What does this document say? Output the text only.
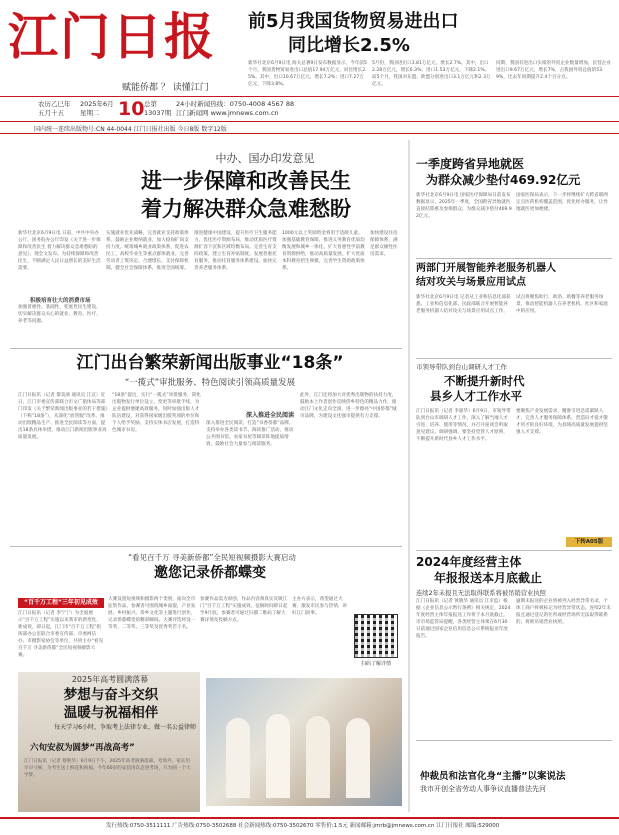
江门日报
赋能侨都 ？ 读懂江门
前5月我国货物贸易进出口
同比增长2.5%
新华社北京6月9日电 海关总署9日发布数据显示，今年前5个月，我国货物贸易进出口总值17.94万亿元，同比增长2.5%。其中，出口10.67万亿元，增长7.2%；进口7.27万亿元，下降3.8%。
5月份，我国进出口3.81万亿元，增长2.7%。其中，出口2.28万亿元，增长6.3%；进口1.53万亿元，下降2.1%。前5个月，我国对东盟、欧盟分别进出口3.1万亿元和2.3万亿元。
同期，我国有进出口实绩的外贸企业数量增加，民营企业进出口9.67万亿元，增长7%，占我国外贸总值的53.9%，比去年同期提升2.4个百分点。
农历乙巳年 五月十五
2025年6月 星期二 10 总第 13037期
24小时新闻热线：0750-4008 4567 88
江门新闻网 www.jmnews.com.cn
国内统一连续出版物号:CN 44-0044 江门日报社出版 今日8版 数字12版
中办、国办印发意见
进一步保障和改善民生
着力解决群众急难愁盼
新华社北京6月9日电 日前，中共中央办公厅、国务院办公厅印发《关于进一步保障和改善民生 着力解决群众急难愁盼的意见》，现全文发布。为持续保障和改善民生，不断满足人民日益增长的美好生活需要。
积极培育壮大的消费市场
加强普惠性、基础性、兜底性民生建设，切实解决群众关心的就业、教育、医疗、养老等问题。
实施就业优先战略，完善就业支持政策体系。鼓励企业吸纳就业，加大稳岗扩岗支持力度。统筹城乡就业政策体系，促进农民工、高校毕业生等重点群体就业。完善劳动者工资决定、合理增长、支付保障机制。健全社会保障体系，推进全国统筹。
推进健康中国建设，提升医疗卫生服务能力。优化医疗资源布局，推动优质医疗资源扩容下沉和区域均衡布局。完善生育支持政策，建立生育补贴制度。发展普惠托育服务，推动托育服务体系建设。加快完善养老服务体系。
1000元以上奖励资金将用于适龄儿童。加强基础教育保障，推进义务教育优质均衡发展和城乡一体化。扩大普惠性学前教育资源供给，推动高质量发展。扩大优质本科教育招生规模，完善学生资助政策体系。
加快建设住房保障体系，满足群众刚性住房需求。
江门出台繁荣新闻出版事业“18条”
“一揽式”审批服务、特色阅读引领高质量发展
江门日报讯（记者 黎美颜 通讯员 江宣）近日，江门市委宣传部联合市文广旅体局等部门印发《关于繁荣新闻出版事业的若干措施》（下称“18条”），从深化“放管服”改革、推动出版精品生产、推进全民阅读等方面，提出18条具体举措，推动江门新闻出版事业高质量发展。
“18条”提出，实行“一揽式”审批服务，简化出版物发行单位设立、变更等审批手续，为企业提供便捷高效服务。同时加强出版人才队伍建设，对获得国家级出版奖项的单位和个人给予奖励。支持实体书店发展，打造特色城市书房。
深入推进全民阅读
深入推进全民阅读，打造“书香侨都”品牌。支持举办各类读书节、阅读推广活动，推动公共图书馆、农家书屋等阅读阵地提质增效，鼓励社会力量参与阅读服务。
此外，江门还将加大对优秀出版物的扶持力度，鼓励本土作者创作反映侨乡特色的精品力作，推动江门文化走向全国，进一步擦亮“中国侨都”城市品牌，为建设文化强市提供有力支撑。
“看见百千万 寻美新侨都”全民短视频摄影大赛启动
邀您记录侨都蝶变
“百千万工程”三年初见成效
江门日报讯（记者 李宁宁）为全面展示“百千万工程”实施以来我市的新变化、新成效，即日起，江门市“百千万工程”指挥部办公室联合市委宣传部、市委网信办、市摄影家协会等单位，共同主办“看见百千万 寻美新侨都”全民短视频摄影大赛。
大赛设置短视频和摄影两个类别，面向全市征集作品。参赛者可围绕城乡面貌、产业发展、乡村振兴、侨乡文化等主题进行创作，记录侨都蝶变的精彩瞬间。大赛评选将设一等奖、二等奖、三等奖及优秀奖若干名。
参赛作品需为原创，作品内容须真实反映江门“百千万工程”实施成效。征稿时间即日起至9月底，参赛者可通过扫描二维码了解大赛详情及投稿方式。
主办方表示，希望通过大赛，激发市民参与热情，讲好江门故事。
扫码了解详情
2025年高考圆满落幕
梦想与奋斗交织
温暖与祝福相伴
每天学习6小时，争取考上法律专业，做一名公益律师
六旬安叔为圆梦“再战高考”
江门日报讯（记者 蔡艳华）6月9日下午，2025年高考圆满落幕。考场外，家长们早早守候，为考生送上鲜花和祝福。今年60岁的安叔再次走进考场，只为圆一个大学梦。
一季度跨省异地就医
为群众减少垫付469.92亿元
新华社北京6月9日电 国家医疗保障局日前发布数据显示，2025年一季度，全国跨省异地就医直接结算惠及参保群众，为群众减少垫付469.92亿元。
国家医保局表示，下一步将继续扩大跨省联网定点医药机构覆盖范围，优化经办服务，让异地就医更加便捷。
两部门开展智能养老服务机器人
结对攻关与场景应用试点
新华社北京6月9日电 记者从工业和信息化部获悉，工业和信息化部、民政部联合开展智能养老服务机器人结对攻关与场景应用试点工作。
试点将聚焦助行、助浴、助餐等养老服务场景，推动智能机器人在养老机构、社区和家庭中的应用。
市领导带队到台山调研人才工作
不断提升新时代
县乡人才工作水平
江门日报讯（记者 李嘉华）6月9日，市领导带队到台山市调研人才工作，深入了解当地人才引进、培养、使用等情况，并召开座谈会听取意见建议。调研强调，要坚持党管人才原则，不断提升新时代县乡人才工作水平。
要聚焦产业发展需求，精准引进急需紧缺人才，完善人才服务保障体系，营造识才爱才敬才用才的良好环境，为县域高质量发展提供坚强人才支撑。
下转A05版
2024年度经营主体
年报报送本月底截止
连续2年未报且无法取得联系将被吊销营业执照
江门日报讯（记者 黄晓华 通讯员 江市监）根据《企业信息公示暂行条例》相关规定，2024年度经营主体年报报送工作将于本月底截止。市市场监管局提醒，各类经营主体须在6月30日前通过国家企业信用信息公示系统报送年度报告。
逾期未报送的企业将被列入经营异常名录，个体工商户将被标记为经营异常状态。连续2年未报且通过登记的住所或经营场所无法取得联系的，将被吊销营业执照。
仲裁员和法官化身“主播”以案说法
我市开创全省劳动人事争议直播普法先河
发行热线:0750-3511111 广告热线:0750-3502688 社会新闻热线:0750-3502670 零售价:1.5元 新闻邮箱:jmrb@jmnews.com.cn 江门日报社 邮编:529000
